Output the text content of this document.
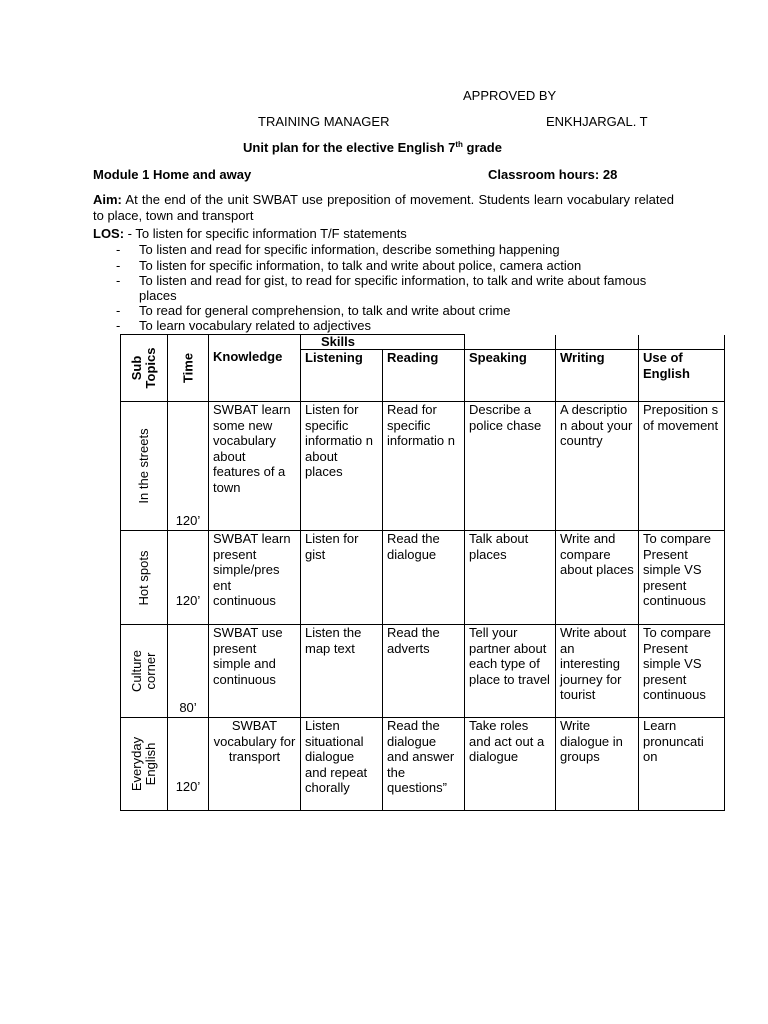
APPROVED BY
TRAINING MANAGER	ENKHJARGAL. T
Unit plan for the elective English 7th grade
Module 1 Home and away	Classroom hours: 28
Aim: At the end of the unit SWBAT use preposition of movement. Students learn vocabulary related to place, town and transport
LOS: - To listen for specific information T/F statements
- To listen and read for specific information, describe something happening
- To listen for specific information, to talk and write about police, camera action
- To listen and read for gist, to read for specific information, to talk and write about famous places
- To read for general comprehension, to talk and write about crime
- To learn vocabulary related to adjectives
Sub Topics	Time	Knowledge	Skills				
			Listening	Reading	Speaking	Writing	Use of English

In the streets	120’	SWBAT learn some new vocabulary about features of a town	Listen for specific informatio n about places	Read for specific informatio n	Describe a police chase	A descriptio n about your country	Preposition s of movement

Hot spots	120’	SWBAT learn present simple/pres ent continuous	Listen for gist	Read the dialogue	Talk about places	Write and compare about places	To compare Present simple VS present continuous

Culture corner	80’	SWBAT use present simple and continuous	Listen the map text	Read the adverts	Tell your partner about each type of place to travel	Write about an interesting journey for tourist	To compare Present simple VS present continuous

Everyday English	120’	SWBAT vocabulary for transport	Listen situational dialogue and repeat chorally	Read the dialogue and answer the questions”	Take roles and act out a dialogue	Write dialogue in groups	Learn pronuncati on
